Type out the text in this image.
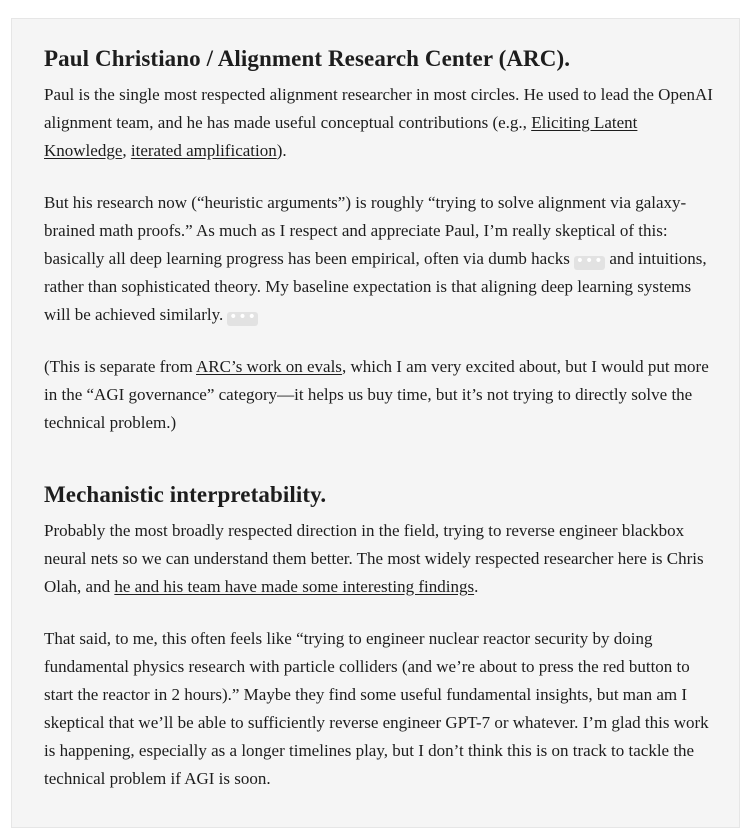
Paul Christiano / Alignment Research Center (ARC).

Paul is the single most respected alignment researcher in most circles. He used to lead the OpenAI alignment team, and he has made useful conceptual contributions (e.g., Eliciting Latent Knowledge, iterated amplification).

But his research now (“heuristic arguments”) is roughly “trying to solve alignment via galaxy-brained math proofs.” As much as I respect and appreciate Paul, I’m really skeptical of this: basically all deep learning progress has been empirical, often via dumb hacks ••• and intuitions, rather than sophisticated theory. My baseline expectation is that aligning deep learning systems will be achieved similarly. •••

(This is separate from ARC’s work on evals, which I am very excited about, but I would put more in the “AGI governance” category—it helps us buy time, but it’s not trying to directly solve the technical problem.)

Mechanistic interpretability.

Probably the most broadly respected direction in the field, trying to reverse engineer blackbox neural nets so we can understand them better. The most widely respected researcher here is Chris Olah, and he and his team have made some interesting findings.

That said, to me, this often feels like “trying to engineer nuclear reactor security by doing fundamental physics research with particle colliders (and we’re about to press the red button to start the reactor in 2 hours).” Maybe they find some useful fundamental insights, but man am I skeptical that we’ll be able to sufficiently reverse engineer GPT-7 or whatever. I’m glad this work is happening, especially as a longer timelines play, but I don’t think this is on track to tackle the technical problem if AGI is soon.
